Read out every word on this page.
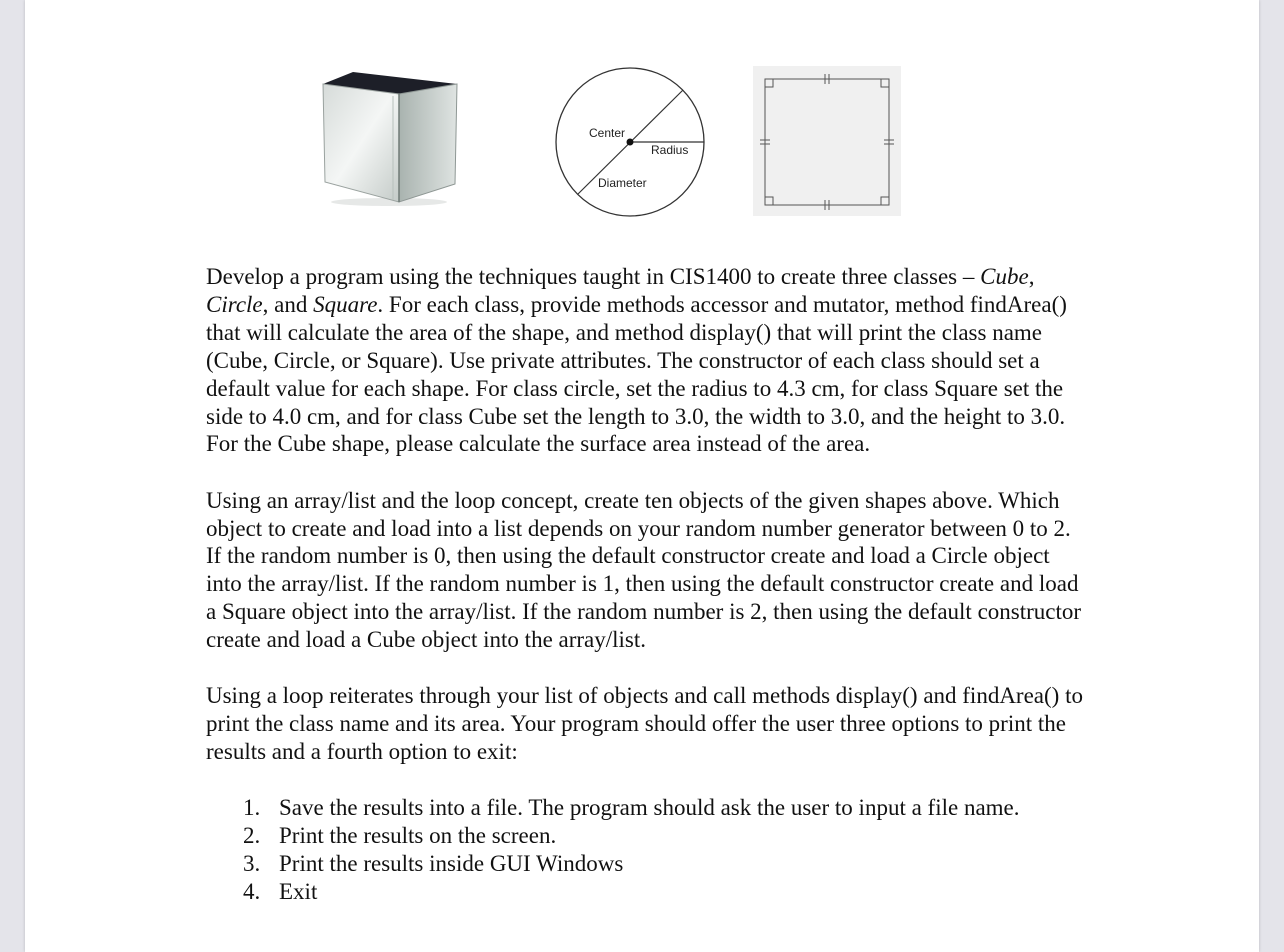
Center
Radius
Diameter

Develop a program using the techniques taught in CIS1400 to create three classes – Cube, Circle, and Square. For each class, provide methods accessor and mutator, method findArea() that will calculate the area of the shape, and method display() that will print the class name (Cube, Circle, or Square). Use private attributes. The constructor of each class should set a default value for each shape. For class circle, set the radius to 4.3 cm, for class Square set the side to 4.0 cm, and for class Cube set the length to 3.0, the width to 3.0, and the height to 3.0. For the Cube shape, please calculate the surface area instead of the area.

Using an array/list and the loop concept, create ten objects of the given shapes above. Which object to create and load into a list depends on your random number generator between 0 to 2. If the random number is 0, then using the default constructor create and load a Circle object into the array/list. If the random number is 1, then using the default constructor create and load a Square object into the array/list. If the random number is 2, then using the default constructor create and load a Cube object into the array/list.

Using a loop reiterates through your list of objects and call methods display() and findArea() to print the class name and its area. Your program should offer the user three options to print the results and a fourth option to exit:

1. Save the results into a file. The program should ask the user to input a file name.
2. Print the results on the screen.
3. Print the results inside GUI Windows
4. Exit
